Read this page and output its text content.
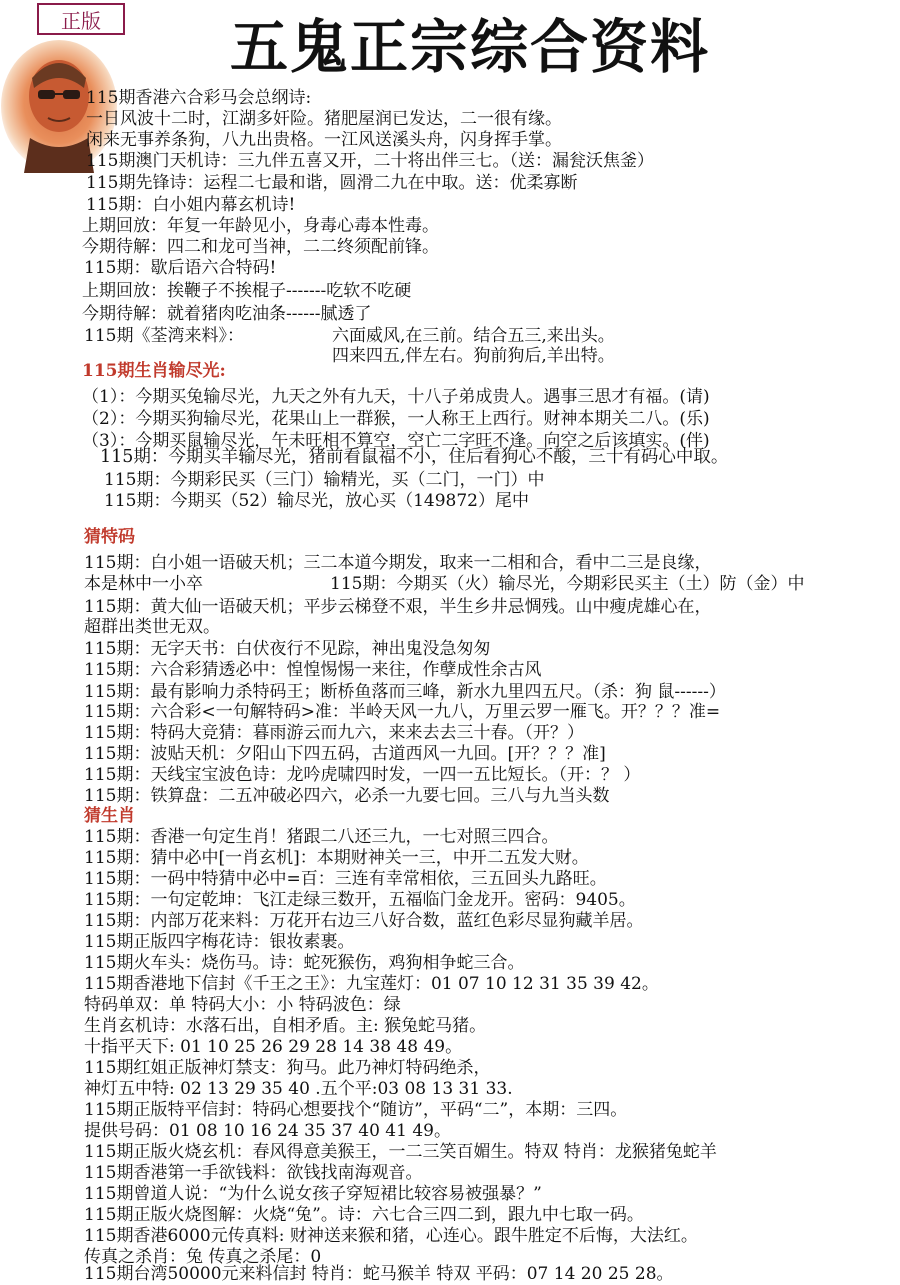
正版	五鬼正宗综合资料
115期香港六合彩马会总纲诗:
一日风波十二时，江湖多奸险。猪肥屋润已发达，二一很有缘。
闲来无事养条狗，八九出贵格。一江风送溪头舟，闪身挥手掌。
115期澳门天机诗：三九伴五喜又开，二十将出伴三七。（送：漏瓮沃焦釜）
115期先锋诗：运程二七最和谐，圆滑二九在中取。送：优柔寡断
115期：白小姐内幕玄机诗!
上期回放：年复一年龄见小，身毒心毒本性毒。
今期待解：四二和龙可当神，二二终须配前锋。
115期：歇后语六合特码!
上期回放：挨鞭子不挨棍子-------吃软不吃硬
今期待解：就着猪肉吃油条------腻透了
115期《荃湾来料》：	六面威风,在三前。结合五三,来出头。
四来四五,伴左右。狗前狗后,羊出特。
115期生肖输尽光:
（1）：今期买兔输尽光，九天之外有九天，十八子弟成贵人。遇事三思才有福。(请)
（2）：今期买狗输尽光，花果山上一群猴，一人称王上西行。财神本期关二八。(乐)
（3）：今期买鼠输尽光，午未旺相不算空，空亡二字旺不逢。向空之后该填实。(伴)
115期：今期买羊输尽光，猪前看鼠福不小，住后看狗心不酸，三十有码心中取。
115期：今期彩民买（三门）输精光，买（二门，一门）中
115期：今期买（52）输尽光，放心买（149872）尾中
猜特码
115期：白小姐一语破天机；三二本道今期发，取来一二相和合，看中二三是良缘，
本是林中一小卒	115期：今期买（火）输尽光，今期彩民买主（土）防（金）中
115期：黄大仙一语破天机；平步云梯登不艰，半生乡井忌惆残。山中瘦虎雄心在，
超群出类世无双。
115期：无字天书：白伏夜行不见踪，神出鬼没急匆匆
115期：六合彩猜透必中：惶惶惕惕一来往，作孽成性余古风
115期：最有影响力杀特码王；断桥鱼落而三峰，新水九里四五尺。（杀：狗 鼠------）
115期：六合彩<一句解特码>准：半岭天风一九八，万里云罗一雁飞。开？？？准=
115期：特码大竞猜：暮雨游云而九六，来来去去三十春。（开？）
115期：波贴天机：夕阳山下四五码，古道西风一九回。[开？？？准]
115期：天线宝宝波色诗：龙吟虎啸四时发，一四一五比短长。（开：？ ）
115期：铁算盘：二五冲破必四六，必杀一九要七回。三八与九当头数
猜生肖
115期：香港一句定生肖！猪跟二八还三九，一七对照三四合。
115期：猜中必中[一肖玄机]：本期财神关一三，中开二五发大财。
115期：一码中特猜中必中=百：三连有幸常相依，三五回头九路旺。
115期：一句定乾坤：飞江走绿三数开，五福临门金龙开。密码：9405。
115期：内部万花来料：万花开右边三八好合数，蓝红色彩尽显狗藏羊居。
115期正版四字梅花诗：银妆素裹。
115期火车头：烧伤马。诗：蛇死猴伤，鸡狗相争蛇三合。
115期香港地下信封《千王之王》：九宝莲灯：01 07 10 12 31 35 39 42。
特码单双：单 特码大小：小 特码波色：绿
生肖玄机诗：水落石出，自相矛盾。主: 猴兔蛇马猪。
十指平天下: 01 10 25 26 29 28 14 38 48 49。
115期红姐正版神灯禁支：狗马。此乃神灯特码绝杀，
神灯五中特: 02 13 29 35 40 .五个平:03 08 13 31 33.
115期正版特平信封：特码心想要找个“随访”，平码“二”，本期：三四。
提供号码：01 08 10 16 24 35 37 40 41 49。
115期正版火烧玄机：春风得意美猴王，一二三笑百媚生。特双 特肖：龙猴猪兔蛇羊
115期香港第一手欲钱料：欲钱找南海观音。
115期曾道人说：“为什么说女孩子穿短裙比较容易被强暴？”
115期正版火烧图解：火烧“兔”。诗：六七合三四二到，跟九中七取一码。
115期香港6000元传真料: 财神送来猴和猪，心连心。跟牛胜定不后悔，大法红。
传真之杀肖：兔 传真之杀尾：0
115期台湾50000元来料信封 特肖：蛇马猴羊 特双 平码：07 14 20 25 28。
